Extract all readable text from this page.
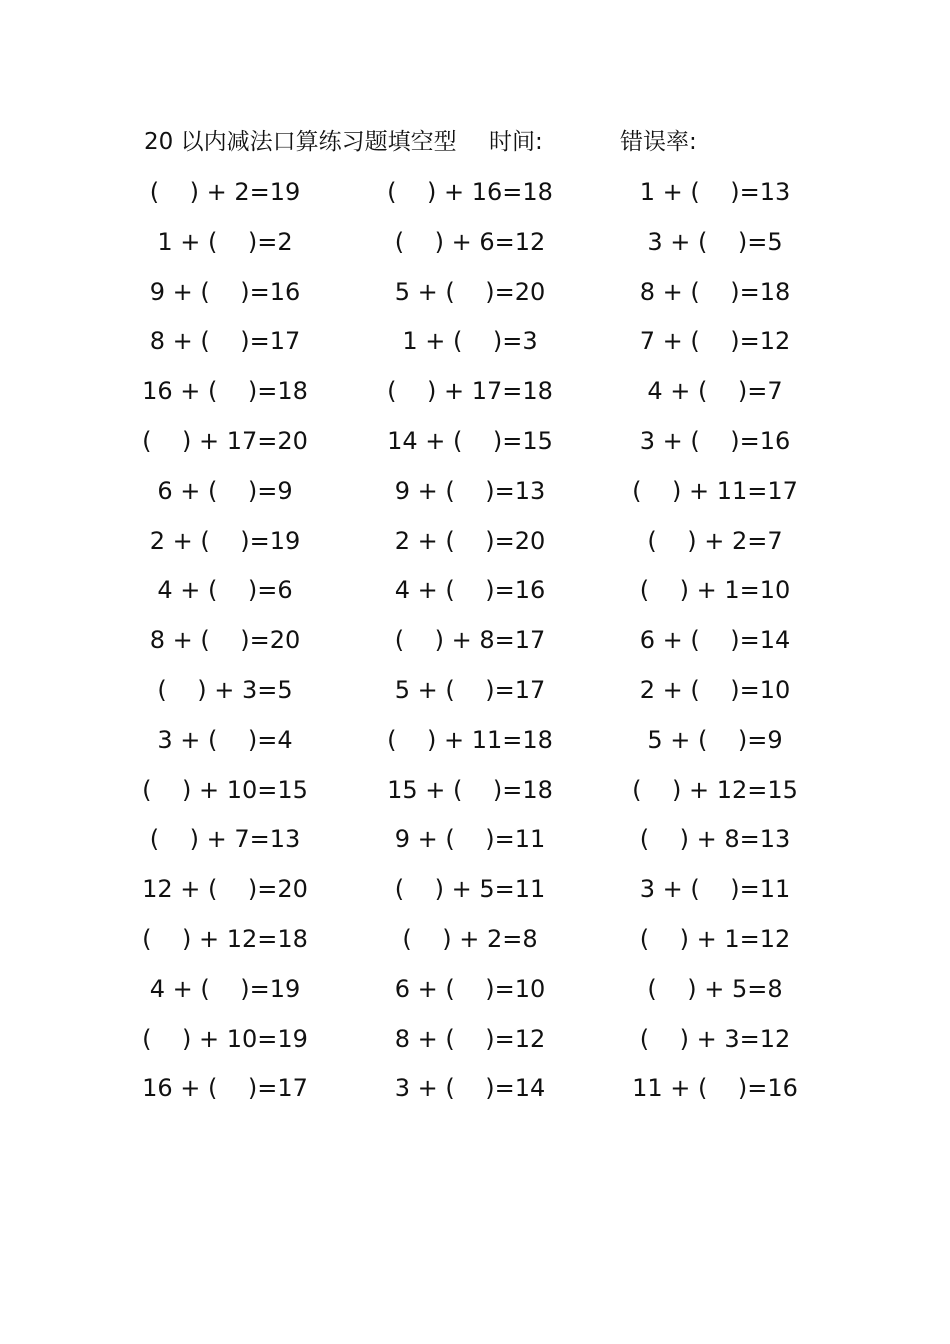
20 以内减法口算练习题填空型 时间:	错误率:
(    ) + 2=19	(    ) + 16=18	1 + (    )=13
1 + (    )=2	(    ) + 6=12	3 + (    )=5
9 + (    )=16	5 + (    )=20	8 + (    )=18
8 + (    )=17	1 + (    )=3	7 + (    )=12
16 + (    )=18	(    ) + 17=18	4 + (    )=7
(    ) + 17=20	14 + (    )=15	3 + (    )=16
6 + (    )=9	9 + (    )=13	(    ) + 11=17
2 + (    )=19	2 + (    )=20	(    ) + 2=7
4 + (    )=6	4 + (    )=16	(    ) + 1=10
8 + (    )=20	(    ) + 8=17	6 + (    )=14
(    ) + 3=5	5 + (    )=17	2 + (    )=10
3 + (    )=4	(    ) + 11=18	5 + (    )=9
(    ) + 10=15	15 + (    )=18	(    ) + 12=15
(    ) + 7=13	9 + (    )=11	(    ) + 8=13
12 + (    )=20	(    ) + 5=11	3 + (    )=11
(    ) + 12=18	(    ) + 2=8	(    ) + 1=12
4 + (    )=19	6 + (    )=10	(    ) + 5=8
(    ) + 10=19	8 + (    )=12	(    ) + 3=12
16 + (    )=17	3 + (    )=14	11 + (    )=16
